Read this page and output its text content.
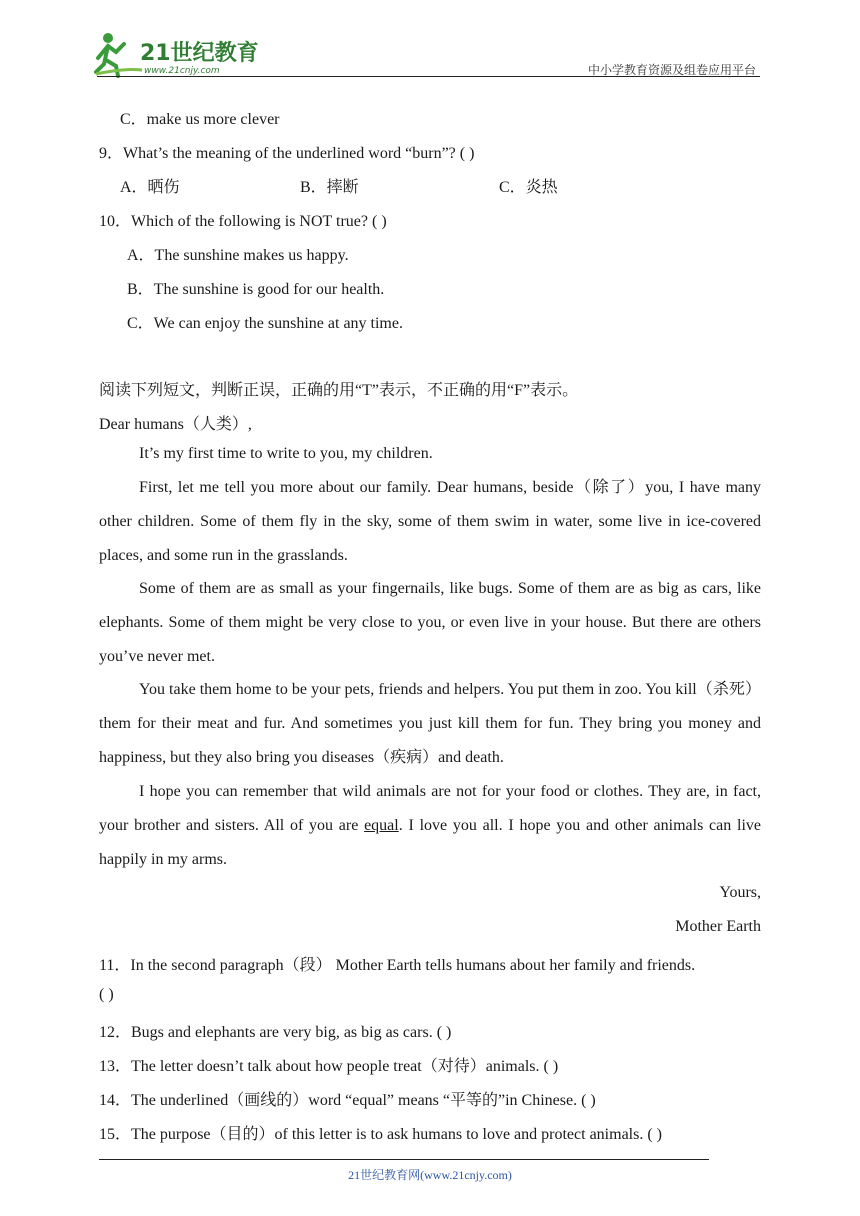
21世纪教育
www.21cnjy.com	中小学教育资源及组卷应用平台
C．make us more clever
9．What’s the meaning of the underlined word “burn”? ( )
A．晒伤	B．摔断	C．炎热
10．Which of the following is NOT true? ( )
A．The sunshine makes us happy.
B．The sunshine is good for our health.
C．We can enjoy the sunshine at any time.
阅读下列短文，判断正误，正确的用“T”表示，不正确的用“F”表示。
Dear humans（人类）,
It’s my first time to write to you, my children.
First, let me tell you more about our family. Dear humans, beside（除了）you, I have many other children. Some of them fly in the sky, some of them swim in water, some live in ice-covered places, and some run in the grasslands.
Some of them are as small as your fingernails, like bugs. Some of them are as big as cars, like elephants. Some of them might be very close to you, or even live in your house. But there are others you’ve never met.
You take them home to be your pets, friends and helpers. You put them in zoo. You kill（杀死）them for their meat and fur. And sometimes you just kill them for fun. They bring you money and happiness, but they also bring you diseases（疾病）and death.
I hope you can remember that wild animals are not for your food or clothes. They are, in fact, your brother and sisters. All of you are equal. I love you all. I hope you and other animals can live happily in my arms.
Yours,
Mother Earth
11．In the second paragraph（段） Mother Earth tells humans about her family and friends.
( )
12．Bugs and elephants are very big, as big as cars. ( )
13．The letter doesn’t talk about how people treat（对待）animals. ( )
14．The underlined（画线的）word “equal” means “平等的”in Chinese. ( )
15．The purpose（目的）of this letter is to ask humans to love and protect animals. ( )
21世纪教育网(www.21cnjy.com)
